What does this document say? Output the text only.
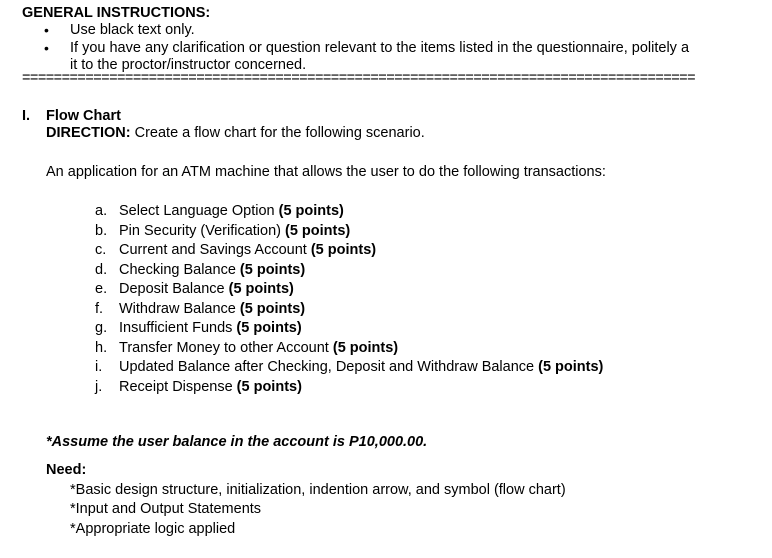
GENERAL INSTRUCTIONS:
• Use black text only.
• If you have any clarification or question relevant to the items listed in the questionnaire, politely a
it to the proctor/instructor concerned.
=====================================================================================
I. Flow Chart
DIRECTION: Create a flow chart for the following scenario.
An application for an ATM machine that allows the user to do the following transactions:
a. Select Language Option (5 points)
b. Pin Security (Verification) (5 points)
c. Current and Savings Account (5 points)
d. Checking Balance (5 points)
e. Deposit Balance (5 points)
f. Withdraw Balance (5 points)
g. Insufficient Funds (5 points)
h. Transfer Money to other Account (5 points)
i. Updated Balance after Checking, Deposit and Withdraw Balance (5 points)
j. Receipt Dispense (5 points)
*Assume the user balance in the account is P10,000.00.
Need:
*Basic design structure, initialization, indention arrow, and symbol (flow chart)
*Input and Output Statements
*Appropriate logic applied
